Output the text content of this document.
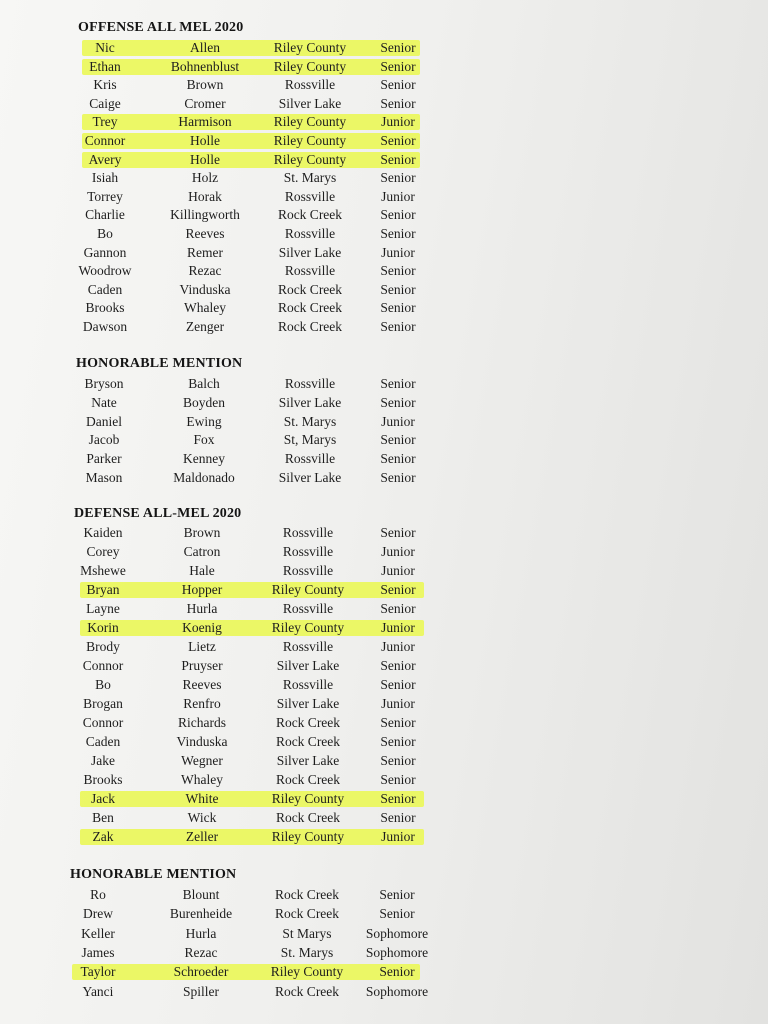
OFFENSE ALL MEL 2020
Nic	Allen	Riley County	Senior
Ethan	Bohnenblust	Riley County	Senior
Kris	Brown	Rossville	Senior
Caige	Cromer	Silver Lake	Senior
Trey	Harmison	Riley County	Junior
Connor	Holle	Riley County	Senior
Avery	Holle	Riley County	Senior
Isiah	Holz	St. Marys	Senior
Torrey	Horak	Rossville	Junior
Charlie	Killingworth	Rock Creek	Senior
Bo	Reeves	Rossville	Senior
Gannon	Remer	Silver Lake	Junior
Woodrow	Rezac	Rossville	Senior
Caden	Vinduska	Rock Creek	Senior
Brooks	Whaley	Rock Creek	Senior
Dawson	Zenger	Rock Creek	Senior
HONORABLE MENTION
Bryson	Balch	Rossville	Senior
Nate	Boyden	Silver Lake	Senior
Daniel	Ewing	St. Marys	Junior
Jacob	Fox	St, Marys	Senior
Parker	Kenney	Rossville	Senior
Mason	Maldonado	Silver Lake	Senior
DEFENSE ALL-MEL 2020
Kaiden	Brown	Rossville	Senior
Corey	Catron	Rossville	Junior
Mshewe	Hale	Rossville	Junior
Bryan	Hopper	Riley County	Senior
Layne	Hurla	Rossville	Senior
Korin	Koenig	Riley County	Junior
Brody	Lietz	Rossville	Junior
Connor	Pruyser	Silver Lake	Senior
Bo	Reeves	Rossville	Senior
Brogan	Renfro	Silver Lake	Junior
Connor	Richards	Rock Creek	Senior
Caden	Vinduska	Rock Creek	Senior
Jake	Wegner	Silver Lake	Senior
Brooks	Whaley	Rock Creek	Senior
Jack	White	Riley County	Senior
Ben	Wick	Rock Creek	Senior
Zak	Zeller	Riley County	Junior
HONORABLE MENTION
Ro	Blount	Rock Creek	Senior
Drew	Burenheide	Rock Creek	Senior
Keller	Hurla	St Marys	Sophomore
James	Rezac	St. Marys	Sophomore
Taylor	Schroeder	Riley County	Senior
Yanci	Spiller	Rock Creek	Sophomore
